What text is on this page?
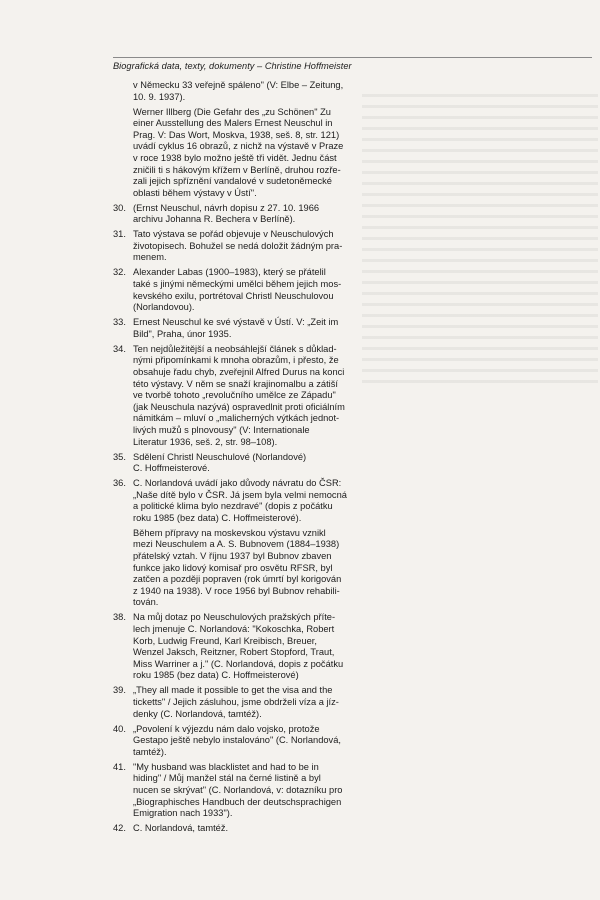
Biografická data, texty, dokumenty – Christine Hoffmeister
v Německu 33 veřejně spáleno" (V: Elbe – Zeitung,
10. 9. 1937).
Werner Illberg (Die Gefahr des „zu Schönen" Zu
einer Ausstellung des Malers Ernest Neuschul in
Prag. V: Das Wort, Moskva, 1938, seš. 8, str. 121)
uvádí cyklus 16 obrazů, z nichž na výstavě v Praze
v roce 1938 bylo možno ještě tři vidět. Jednu část
zničili ti s hákovým křížem v Berlíně, druhou rozře-
zali jejich spříznění vandalové v sudetoněmecké
oblasti během výstavy v Ústí".
30. (Ernst Neuschul, návrh dopisu z 27. 10. 1966
archivu Johanna R. Bechera v Berlíně).
31. Tato výstava se pořád objevuje v Neuschulových
životopisech. Bohužel se nedá doložit žádným pra-
menem.
32. Alexander Labas (1900–1983), který se přátelil
také s jinými německými umělci během jejich mos-
kevského exilu, portrétoval Christl Neuschulovou
(Norlandovou).
33. Ernest Neuschul ke své výstavě v Ústí. V: „Zeit im
Bild", Praha, únor 1935.
34. Ten nejdůležitější a neobsáhlejší článek s důklad-
nými připomínkami k mnoha obrazům, i přesto, že
obsahuje řadu chyb, zveřejnil Alfred Durus na konci
této výstavy. V něm se snaží krajinomalbu a zátiší
ve tvorbě tohoto „revolučního umělce ze Západu"
(jak Neuschula nazývá) ospravedlnit proti oficiálním
námitkám – mluví o „malicherných výtkách jednot-
livých mužů s plnovousy" (V: Internationale
Literatur 1936, seš. 2, str. 98–108).
35. Sdělení Christl Neuschulové (Norlandové)
C. Hoffmeisterové.
36. C. Norlandová uvádí jako důvody návratu do ČSR:
„Naše dítě bylo v ČSR. Já jsem byla velmi nemocná
a politické klima bylo nezdravé" (dopis z počátku
roku 1985 (bez data) C. Hoffmeisterové).
Během přípravy na moskevskou výstavu vznikl
mezi Neuschulem a A. S. Bubnovem (1884–1938)
přátelský vztah. V říjnu 1937 byl Bubnov zbaven
funkce jako lidový komisař pro osvětu RFSR, byl
zatčen a později popraven (rok úmrtí byl korigován
z 1940 na 1938). V roce 1956 byl Bubnov rehabili-
tován.
38. Na můj dotaz po Neuschulových pražských příte-
lech jmenuje C. Norlandová: "Kokoschka, Robert
Korb, Ludwig Freund, Karl Kreibisch, Breuer,
Wenzel Jaksch, Reitzner, Robert Stopford, Traut,
Miss Warriner a j." (C. Norlandová, dopis z počátku
roku 1985 (bez data) C. Hoffmeisterové)
39. „They all made it possible to get the visa and the
ticketts" / Jejich zásluhou, jsme obdrželi víza a jíz-
denky (C. Norlandová, tamtéž).
40. „Povolení k výjezdu nám dalo vojsko, protože
Gestapo ještě nebylo instalováno" (C. Norlandová,
tamtéž).
41. "My husband was blacklistet and had to be in
hiding" / Můj manžel stál na černé listině a byl
nucen se skrývat" (C. Norlandová, v: dotazníku pro
„Biographisches Handbuch der deutschsprachigen
Emigration nach 1933").
42. C. Norlandová, tamtéž.
